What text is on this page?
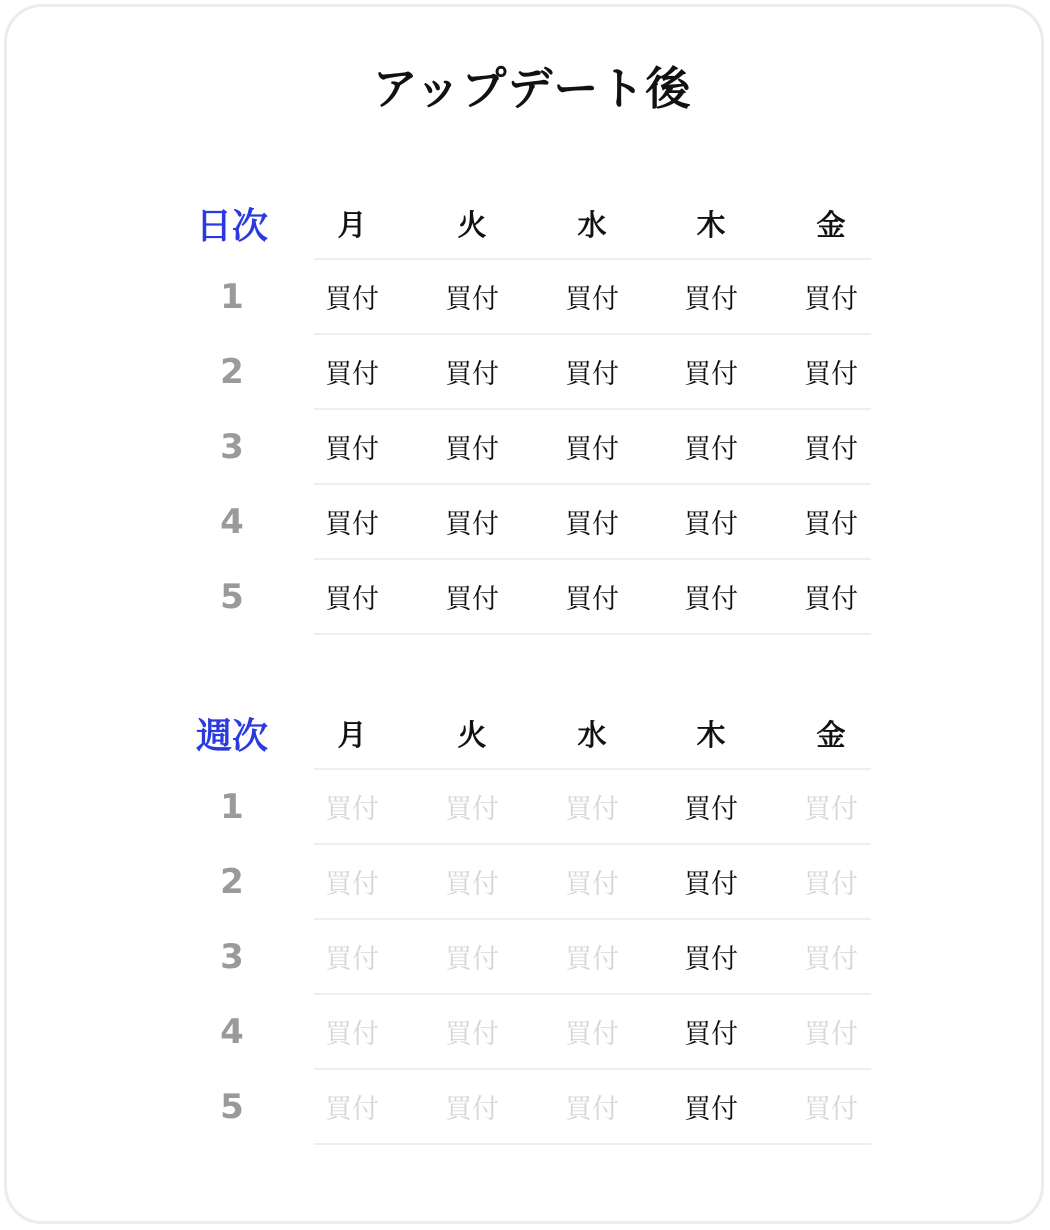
アップデート後
日次	月	火	水	木	金
1	買付	買付	買付	買付	買付
2	買付	買付	買付	買付	買付
3	買付	買付	買付	買付	買付
4	買付	買付	買付	買付	買付
5	買付	買付	買付	買付	買付
週次	月	火	水	木	金
1	買付	買付	買付	買付	買付
2	買付	買付	買付	買付	買付
3	買付	買付	買付	買付	買付
4	買付	買付	買付	買付	買付
5	買付	買付	買付	買付	買付
